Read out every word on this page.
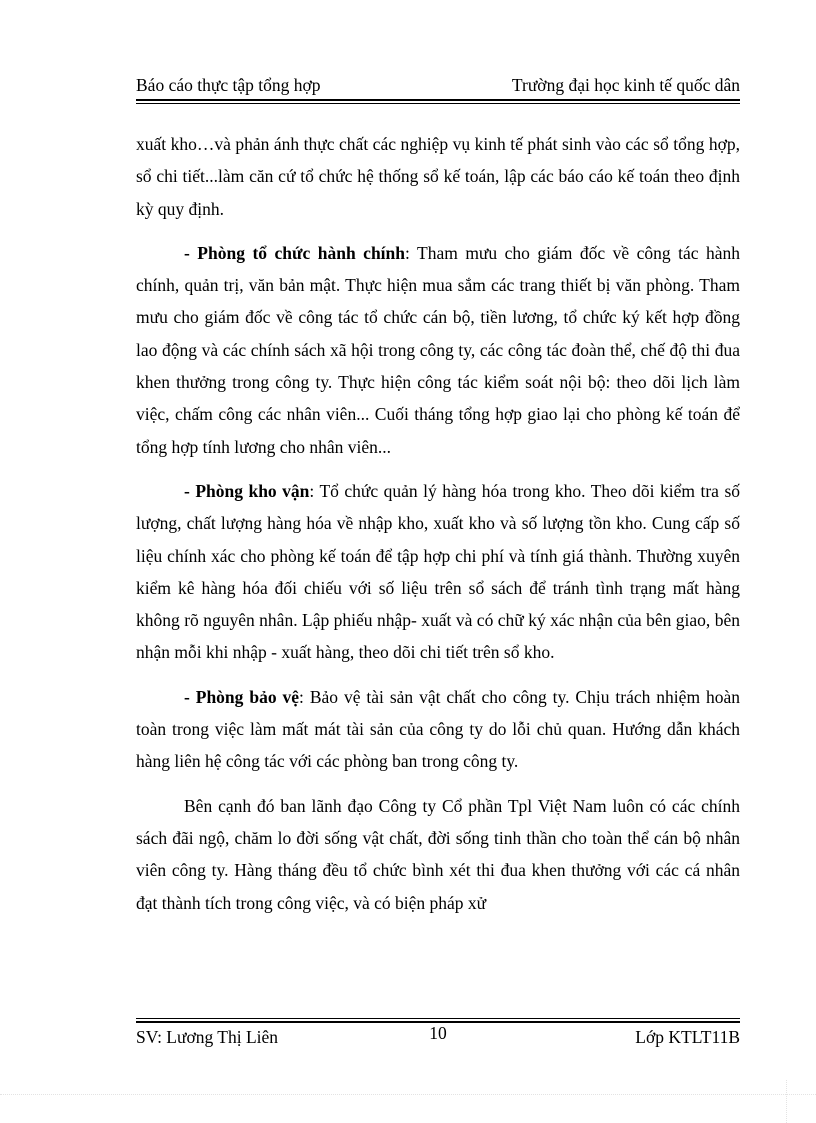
Báo cáo thực tập tổng hợp	Trường đại học kinh tế quốc dân

xuất kho…và phản ánh thực chất các nghiệp vụ kinh tế phát sinh vào các sổ tổng hợp, sổ chi tiết...làm căn cứ tổ chức hệ thống sổ kế toán, lập các báo cáo kế toán theo định kỳ quy định.

- Phòng tổ chức hành chính: Tham mưu cho giám đốc về công tác hành chính, quản trị, văn bản mật. Thực hiện mua sắm các trang thiết bị văn phòng. Tham mưu cho giám đốc về công tác tổ chức cán bộ, tiền lương, tổ chức ký kết hợp đồng lao động và các chính sách xã hội trong công ty, các công tác đoàn thể, chế độ thi đua khen thưởng trong công ty. Thực hiện công tác kiểm soát nội bộ: theo dõi lịch làm việc, chấm công các nhân viên... Cuối tháng tổng hợp giao lại cho phòng kế toán để tổng hợp tính lương cho nhân viên...

- Phòng kho vận: Tổ chức quản lý hàng hóa trong kho. Theo dõi kiểm tra số lượng, chất lượng hàng hóa về nhập kho, xuất kho và số lượng tồn kho. Cung cấp số liệu chính xác cho phòng kế toán để tập hợp chi phí và tính giá thành. Thường xuyên kiểm kê hàng hóa đối chiếu với số liệu trên sổ sách để tránh tình trạng mất hàng không rõ nguyên nhân. Lập phiếu nhập- xuất và có chữ ký xác nhận của bên giao, bên nhận mỗi khi nhập - xuất hàng, theo dõi chi tiết trên sổ kho.

- Phòng bảo vệ: Bảo vệ tài sản vật chất cho công ty. Chịu trách nhiệm hoàn toàn trong việc làm mất mát tài sản của công ty do lỗi chủ quan. Hướng dẫn khách hàng liên hệ công tác với các phòng ban trong công ty.

Bên cạnh đó ban lãnh đạo Công ty Cổ phần Tpl Việt Nam luôn có các chính sách đãi ngộ, chăm lo đời sống vật chất, đời sống tinh thần cho toàn thể cán bộ nhân viên công ty. Hàng tháng đều tổ chức bình xét thi đua khen thưởng với các cá nhân đạt thành tích trong công việc, và có biện pháp xử

SV: Lương Thị Liên	10	Lớp KTLT11B
